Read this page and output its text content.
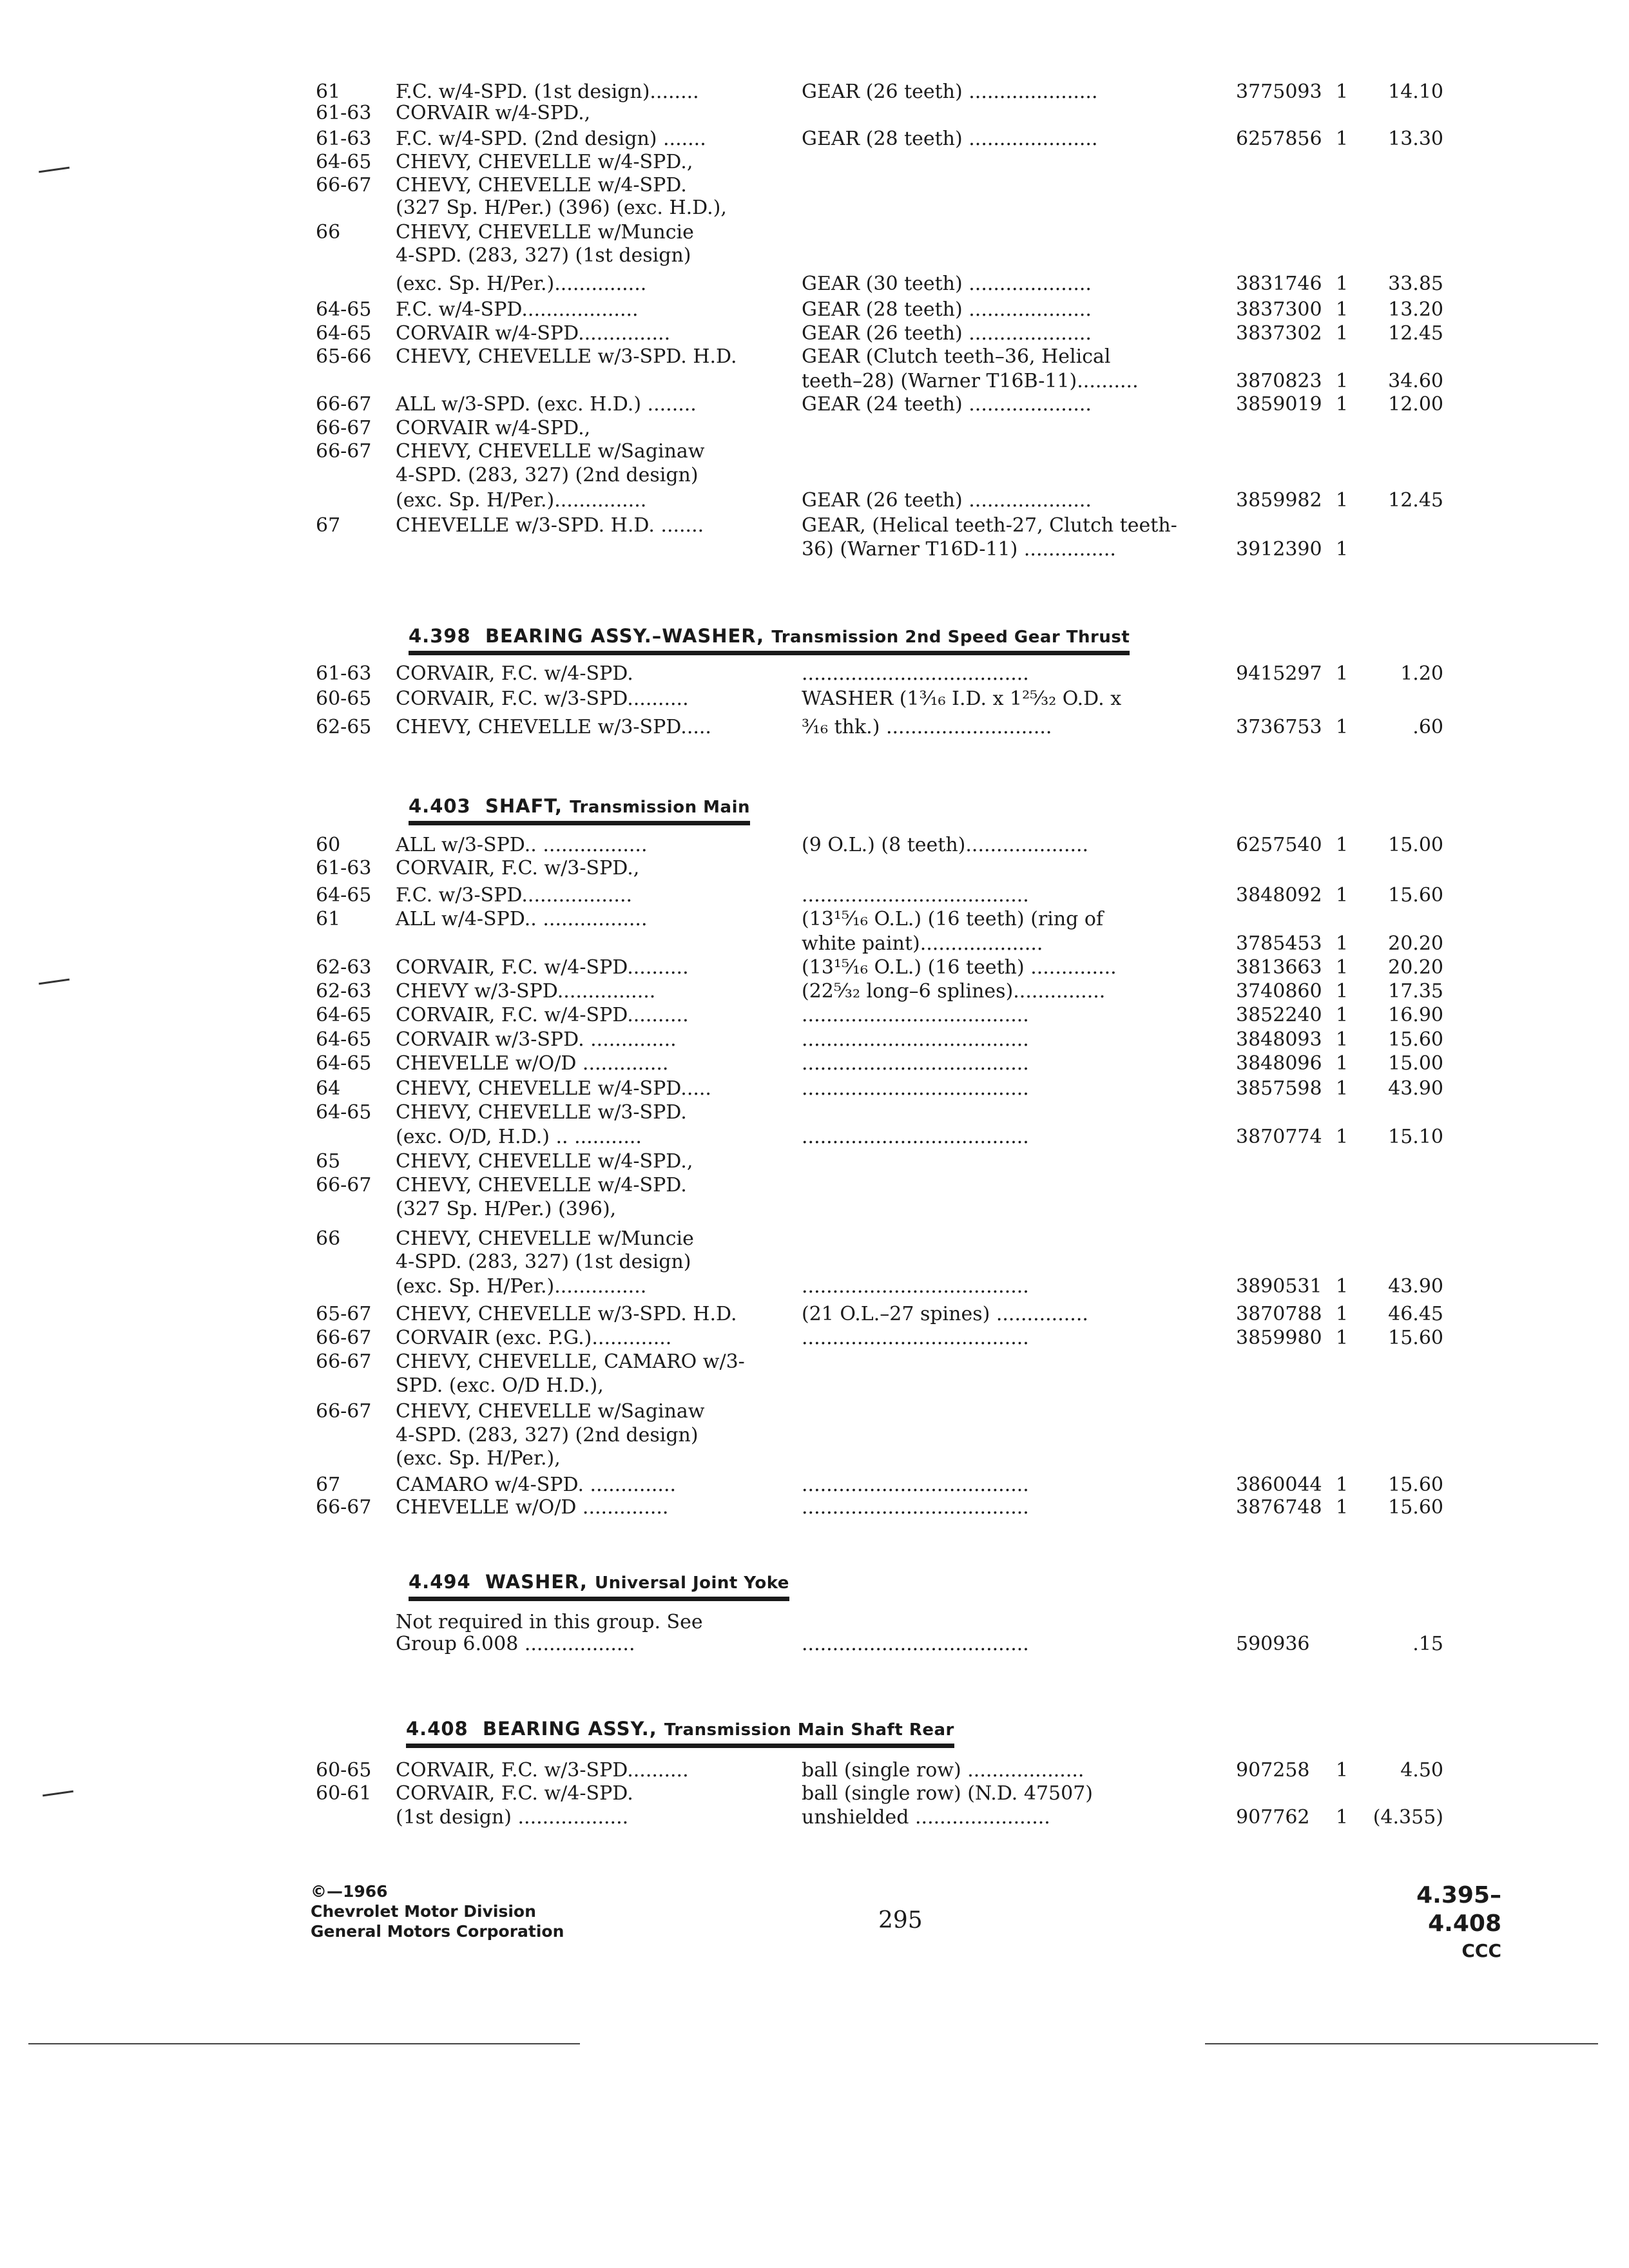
61	F.C. w/4-SPD. (1st design)........	GEAR (26 teeth) .....................	3775093 1	14.10
61-63 CORVAIR w/4-SPD.,
61-63 F.C. w/4-SPD. (2nd design) .......	GEAR (28 teeth) .....................	6257856 1	13.30
64-65 CHEVY, CHEVELLE w/4-SPD.,
66-67 CHEVY, CHEVELLE w/4-SPD.
(327 Sp. H/Per.) (396) (exc. H.D.),
66	CHEVY, CHEVELLE w/Muncie
4-SPD. (283, 327) (1st design)
(exc. Sp. H/Per.)...............	GEAR (30 teeth) ....................	3831746 1	33.85
64-65 F.C. w/4-SPD...................	GEAR (28 teeth) ....................	3837300 1	13.20
64-65 CORVAIR w/4-SPD...............	GEAR (26 teeth) ....................	3837302 1	12.45
65-66 CHEVY, CHEVELLE w/3-SPD. H.D.	GEAR (Clutch teeth–36, Helical
teeth–28) (Warner T16B-11)..........	3870823 1	34.60
66-67 ALL w/3-SPD. (exc. H.D.) ........	GEAR (24 teeth) ....................	3859019 1	12.00
66-67 CORVAIR w/4-SPD.,
66-67 CHEVY, CHEVELLE w/Saginaw
4-SPD. (283, 327) (2nd design)
(exc. Sp. H/Per.)...............	GEAR (26 teeth) ....................	3859982 1	12.45
67	CHEVELLE w/3-SPD. H.D. .......	GEAR, (Helical teeth-27, Clutch teeth-
36) (Warner T16D-11) ...............	3912390 1
4.398 BEARING ASSY.–WASHER, Transmission 2nd Speed Gear Thrust
61-63 CORVAIR, F.C. w/4-SPD.	.....................................	9415297 1	1.20
60-65 CORVAIR, F.C. w/3-SPD..........	WASHER (1³⁄₁₆ I.D. x 1²⁵⁄₃₂ O.D. x
62-65 CHEVY, CHEVELLE w/3-SPD.....	³⁄₁₆ thk.) ...........................	3736753 1	.60
4.403 SHAFT, Transmission Main
60	ALL w/3-SPD.. .................	(9 O.L.) (8 teeth)....................	6257540 1	15.00
61-63 CORVAIR, F.C. w/3-SPD.,
64-65 F.C. w/3-SPD..................	.....................................	3848092 1	15.60
61	ALL w/4-SPD.. .................	(13¹⁵⁄₁₆ O.L.) (16 teeth) (ring of
white paint)....................	3785453 1	20.20
62-63 CORVAIR, F.C. w/4-SPD..........	(13¹⁵⁄₁₆ O.L.) (16 teeth) ..............	3813663 1	20.20
62-63 CHEVY w/3-SPD................	(22⁵⁄₃₂ long–6 splines)...............	3740860 1	17.35
64-65 CORVAIR, F.C. w/4-SPD..........	.....................................	3852240 1	16.90
64-65 CORVAIR w/3-SPD. ..............	.....................................	3848093 1	15.60
64-65 CHEVELLE w/O/D ..............	.....................................	3848096 1	15.00
64	CHEVY, CHEVELLE w/4-SPD.....	.....................................	3857598 1	43.90
64-65 CHEVY, CHEVELLE w/3-SPD.
(exc. O/D, H.D.) .. ...........	.....................................	3870774 1	15.10
65	CHEVY, CHEVELLE w/4-SPD.,
66-67 CHEVY, CHEVELLE w/4-SPD.
(327 Sp. H/Per.) (396),
66	CHEVY, CHEVELLE w/Muncie
4-SPD. (283, 327) (1st design)
(exc. Sp. H/Per.)...............	.....................................	3890531 1	43.90
65-67 CHEVY, CHEVELLE w/3-SPD. H.D.	(21 O.L.–27 spines) ...............	3870788 1	46.45
66-67 CORVAIR (exc. P.G.).............	.....................................	3859980 1	15.60
66-67 CHEVY, CHEVELLE, CAMARO w/3-
SPD. (exc. O/D H.D.),
66-67 CHEVY, CHEVELLE w/Saginaw
4-SPD. (283, 327) (2nd design)
(exc. Sp. H/Per.),
67	CAMARO w/4-SPD. ..............	.....................................	3860044 1	15.60
66-67 CHEVELLE w/O/D ..............	.....................................	3876748 1	15.60
4.494 WASHER, Universal Joint Yoke
Not required in this group. See
Group 6.008 ..................	.....................................	590936	.15
4.408 BEARING ASSY., Transmission Main Shaft Rear
60-65 CORVAIR, F.C. w/3-SPD..........	ball (single row) ...................	907258 1	4.50
60-61 CORVAIR, F.C. w/4-SPD.	ball (single row) (N.D. 47507)
(1st design) ..................	unshielded ......................	907762 1	(4.355)
©—1966
Chevrolet Motor Division
General Motors Corporation	295
4.395–4.408
CCC
